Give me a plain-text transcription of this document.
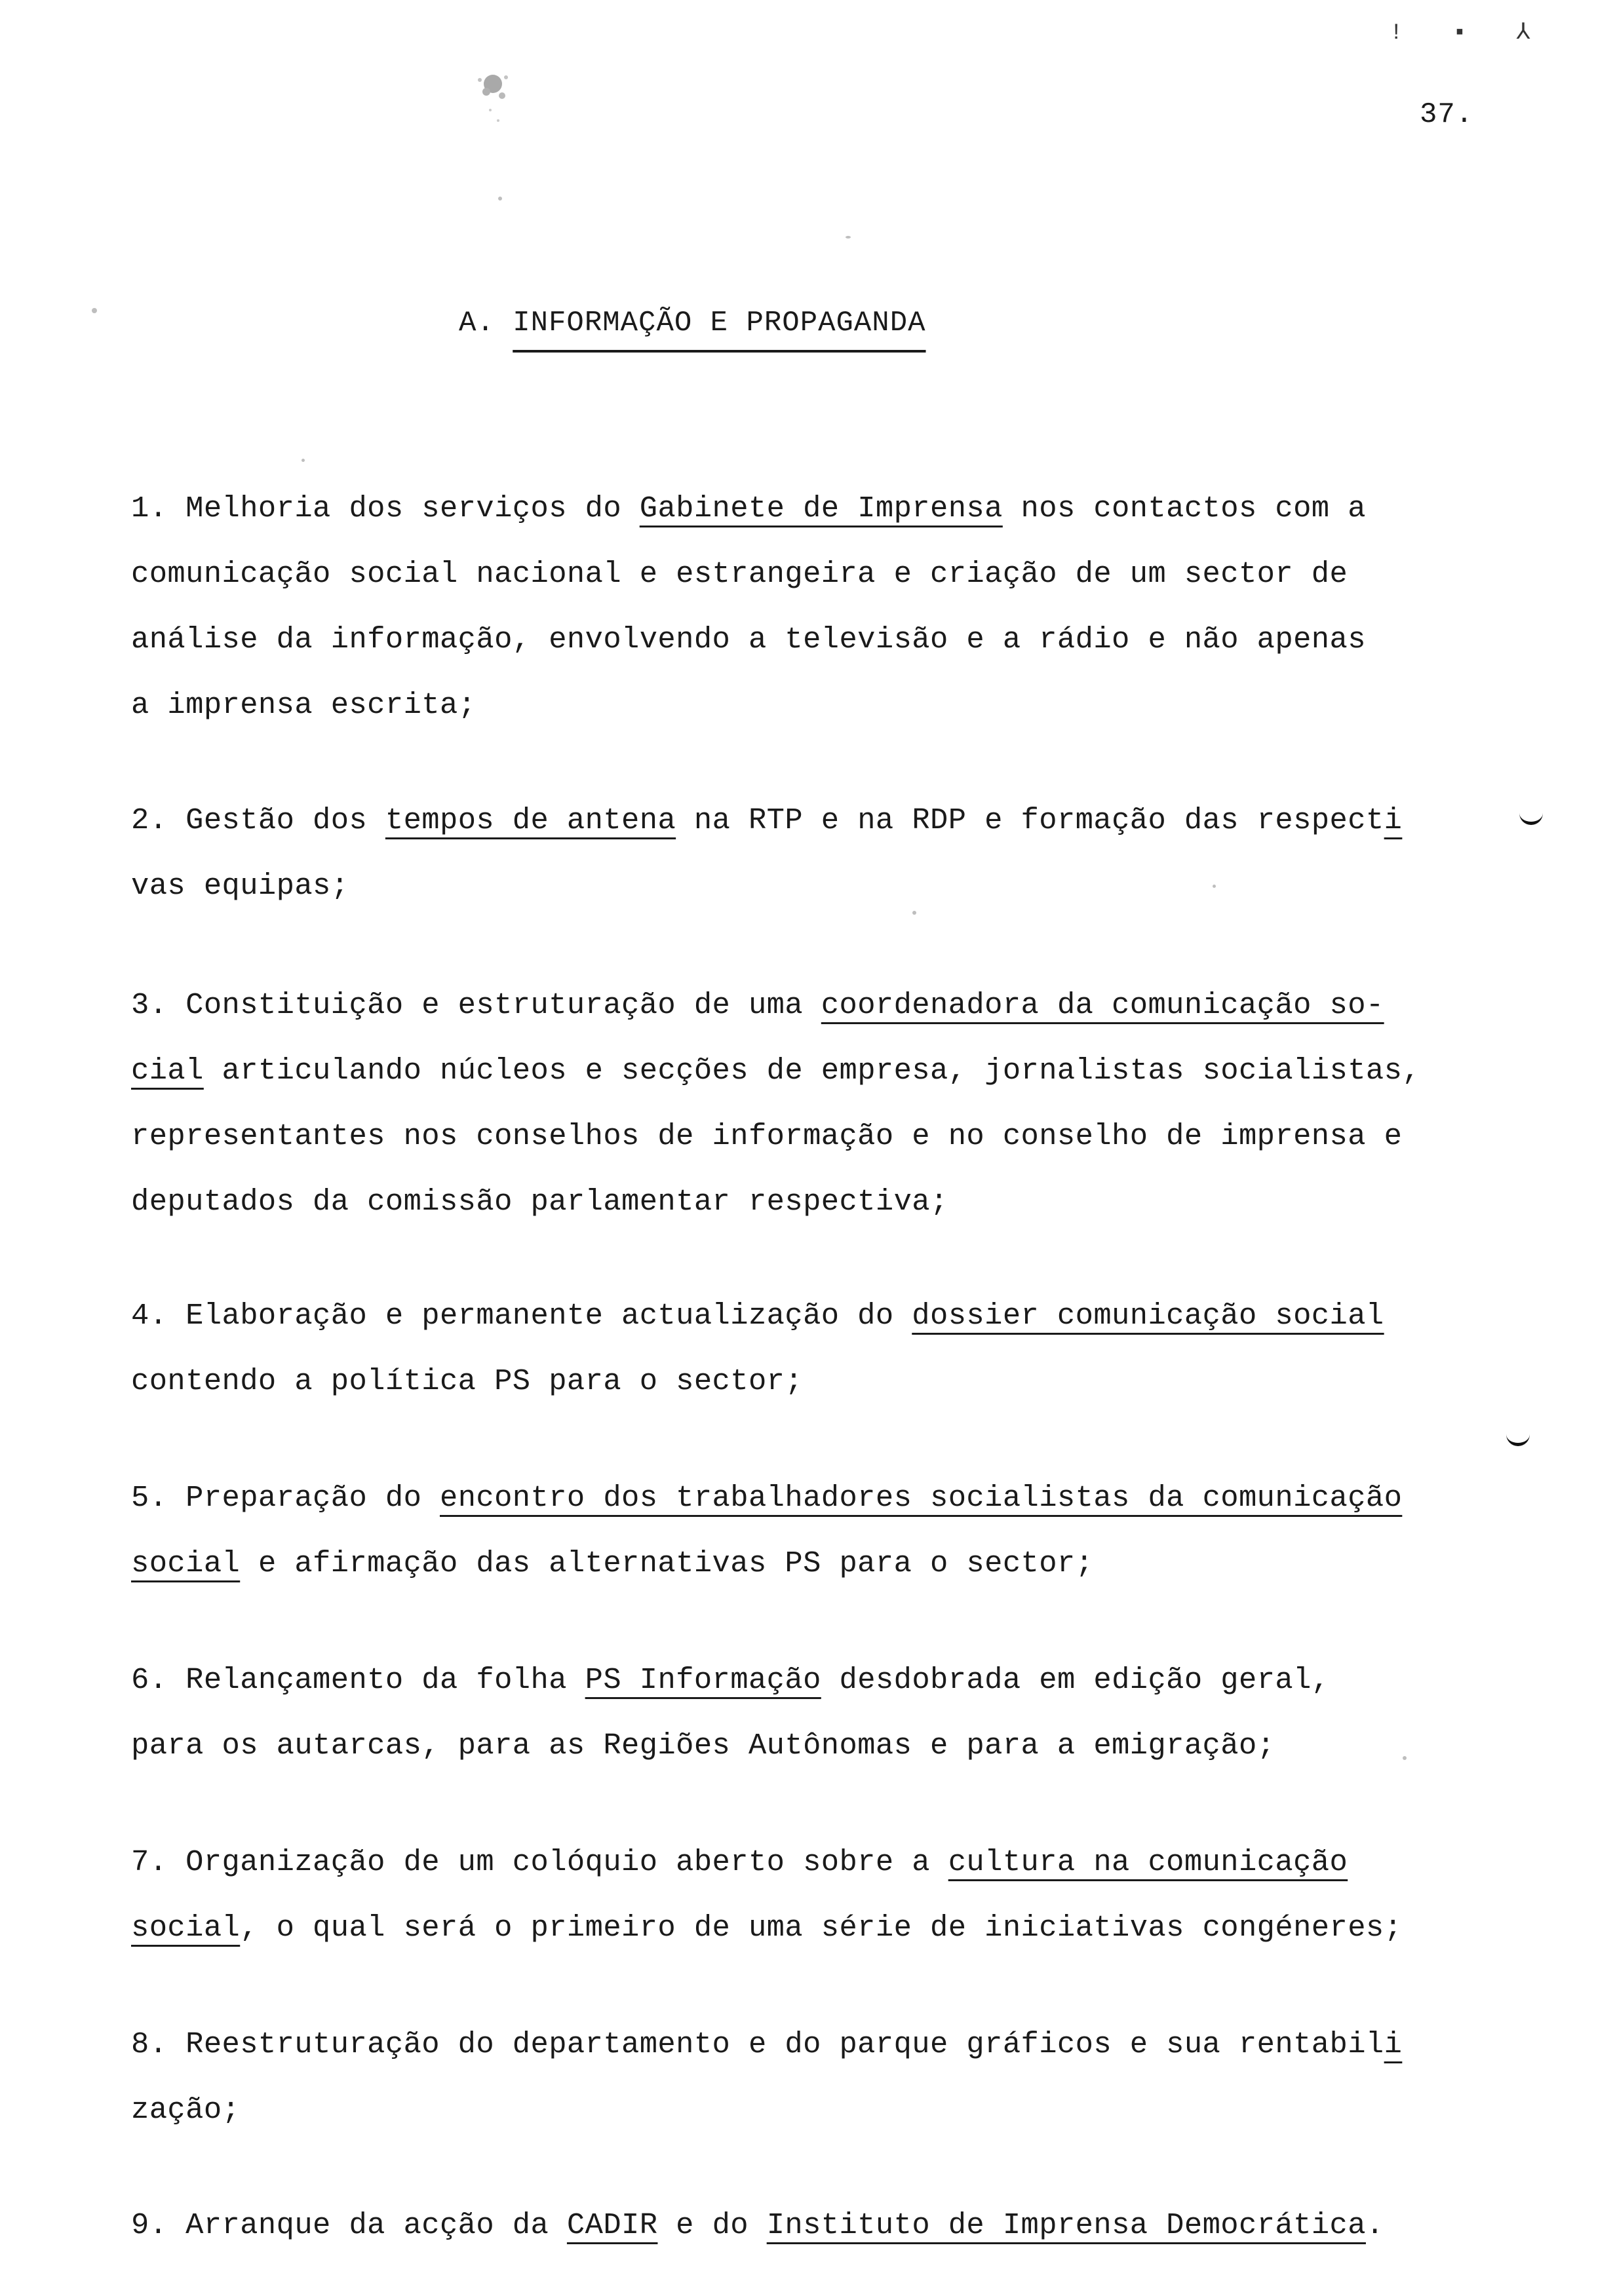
! ▪ ⅄
37.
A. INFORMAÇÃO E PROPAGANDA
1. Melhoria dos serviços do Gabinete de Imprensa nos contactos com a
comunicação social nacional e estrangeira e criação de um sector de
análise da informação, envolvendo a televisão e a rádio e não apenas
a imprensa escrita;
2. Gestão dos tempos de antena na RTP e na RDP e formação das respecti
vas equipas;
3. Constituição e estruturação de uma coordenadora da comunicação so-
cial articulando núcleos e secções de empresa, jornalistas socialistas,
representantes nos conselhos de informação e no conselho de imprensa e
deputados da comissão parlamentar respectiva;
4. Elaboração e permanente actualização do dossier comunicação social
contendo a política PS para o sector;
5. Preparação do encontro dos trabalhadores socialistas da comunicação
social e afirmação das alternativas PS para o sector;
6. Relançamento da folha PS Informação desdobrada em edição geral,
para os autarcas, para as Regiões Autônomas e para a emigração;
7. Organização de um colóquio aberto sobre a cultura na comunicação
social, o qual será o primeiro de uma série de iniciativas congéneres;
8. Reestruturação do departamento e do parque gráficos e sua rentabili
zação;
9. Arranque da acção da CADIR e do Instituto de Imprensa Democrática.
